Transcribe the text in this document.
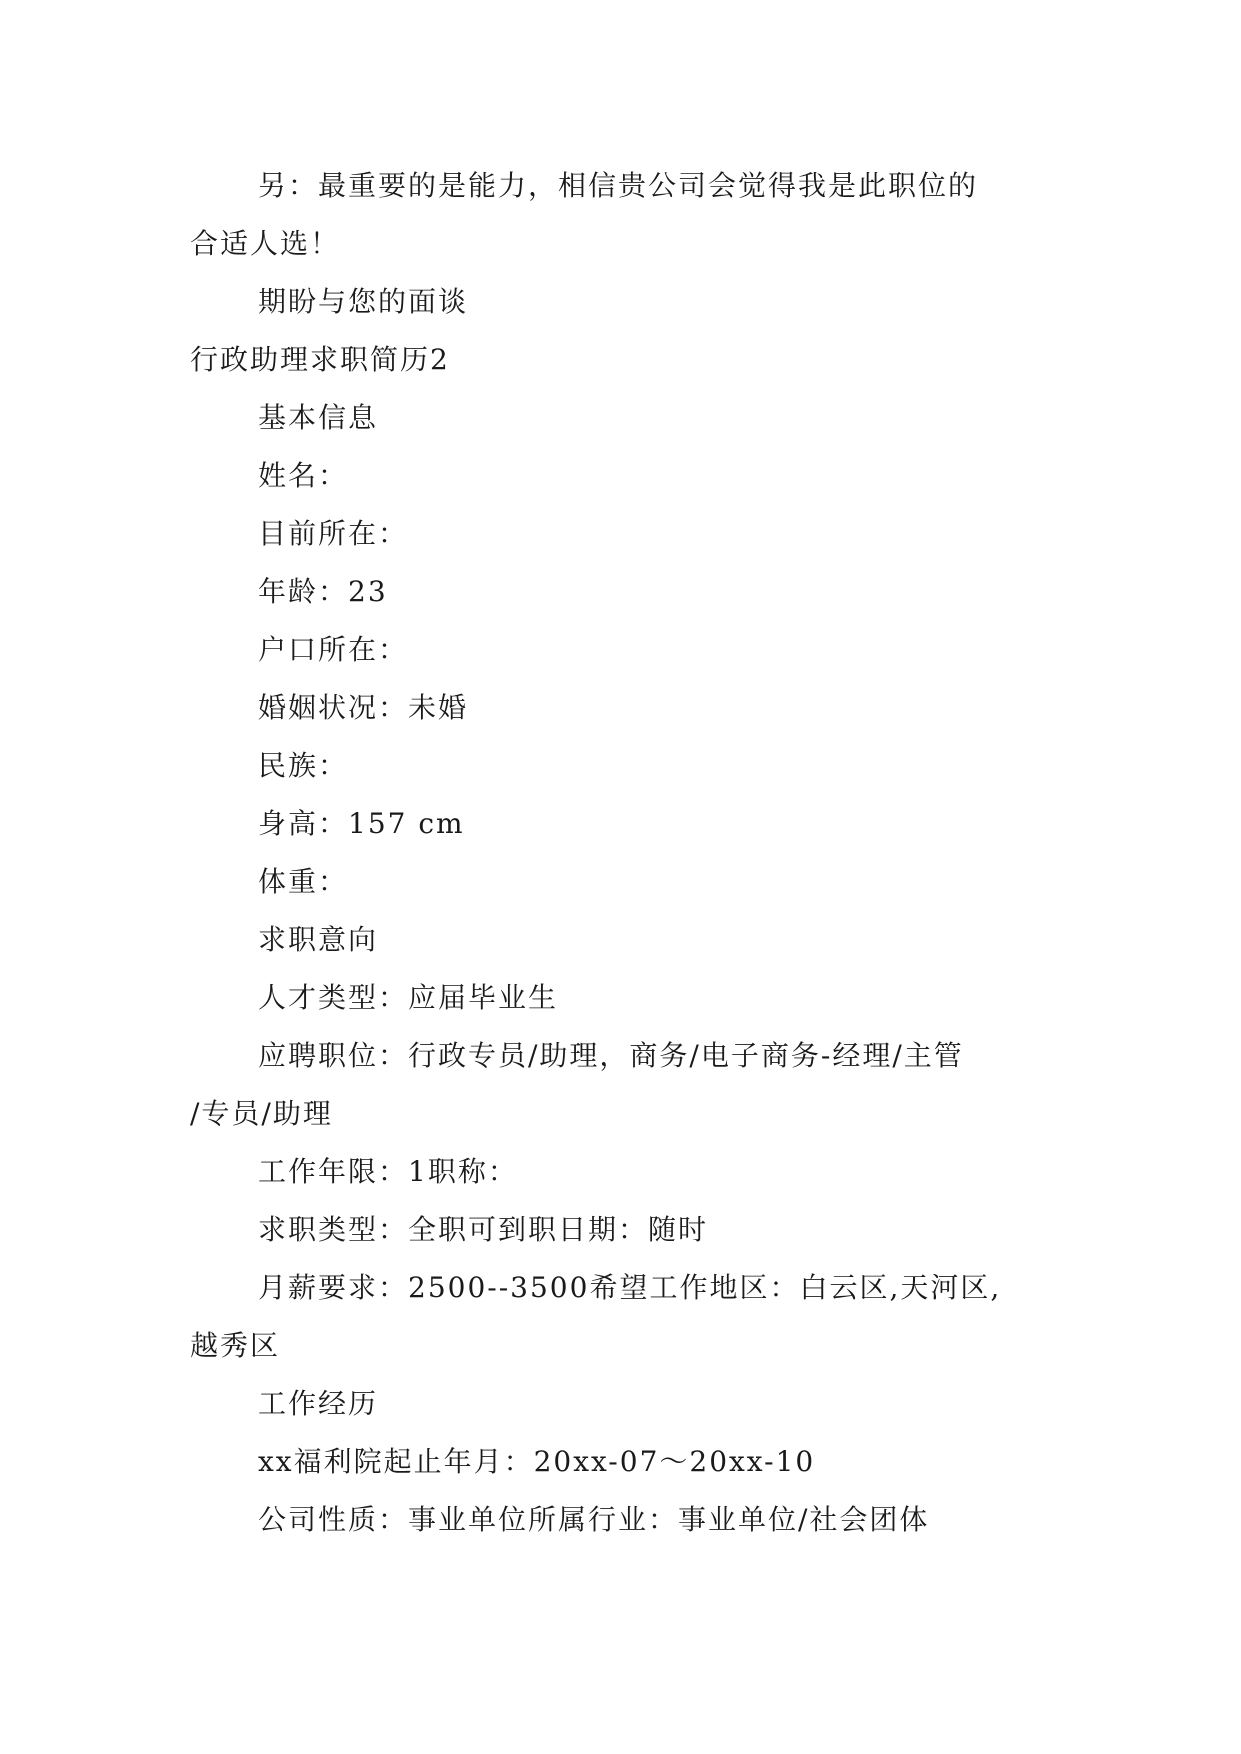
另：最重要的是能力，相信贵公司会觉得我是此职位的
合适人选！
期盼与您的面谈
行政助理求职简历2
基本信息
姓名：
目前所在：
年龄：23
户口所在：
婚姻状况：未婚
民族：
身高：157 cm
体重：
求职意向
人才类型：应届毕业生
应聘职位：行政专员/助理，商务/电子商务-经理/主管
/专员/助理
工作年限：1职称：
求职类型：全职可到职日期：随时
月薪要求：2500--3500希望工作地区：白云区,天河区,
越秀区
工作经历
xx福利院起止年月：20xx-07～20xx-10
公司性质：事业单位所属行业：事业单位/社会团体
